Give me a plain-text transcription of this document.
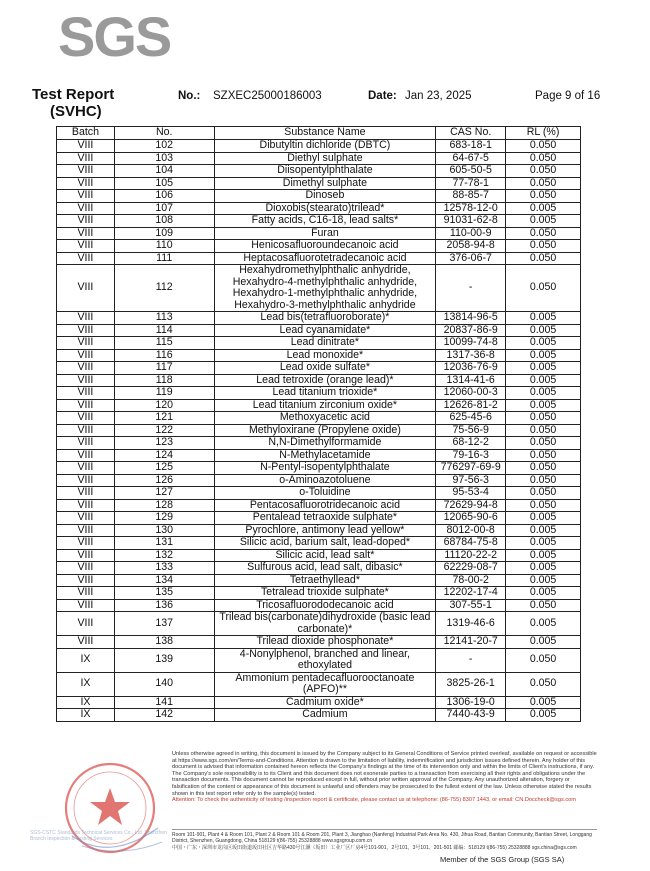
SGS
Test Report
(SVHC)
No.: SZXEC25000186003	Date: Jan 23, 2025	Page 9 of 16
Batch	No.	Substance Name	CAS No.	RL (%)
VIII	102	Dibutyltin dichloride (DBTC)	683-18-1	0.050
VIII	103	Diethyl sulphate	64-67-5	0.050
VIII	104	Diisopentylphthalate	605-50-5	0.050
VIII	105	Dimethyl sulphate	77-78-1	0.050
VIII	106	Dinoseb	88-85-7	0.050
VIII	107	Dioxobis(stearato)trilead*	12578-12-0	0.005
VIII	108	Fatty acids, C16-18, lead salts*	91031-62-8	0.005
VIII	109	Furan	110-00-9	0.050
VIII	110	Henicosafluoroundecanoic acid	2058-94-8	0.050
VIII	111	Heptacosafluorotetradecanoic acid	376-06-7	0.050
VIII	112	Hexahydromethylphthalic anhydride,
Hexahydro-4-methylphthalic anhydride,
Hexahydro-1-methylphthalic anhydride,
Hexahydro-3-methylphthalic anhydride	-	0.050
VIII	113	Lead bis(tetrafluoroborate)*	13814-96-5	0.005
VIII	114	Lead cyanamidate*	20837-86-9	0.005
VIII	115	Lead dinitrate*	10099-74-8	0.005
VIII	116	Lead monoxide*	1317-36-8	0.005
VIII	117	Lead oxide sulfate*	12036-76-9	0.005
VIII	118	Lead tetroxide (orange lead)*	1314-41-6	0.005
VIII	119	Lead titanium trioxide*	12060-00-3	0.005
VIII	120	Lead titanium zirconium oxide*	12626-81-2	0.005
VIII	121	Methoxyacetic acid	625-45-6	0.050
VIII	122	Methyloxirane (Propylene oxide)	75-56-9	0.050
VIII	123	N,N-Dimethylformamide	68-12-2	0.050
VIII	124	N-Methylacetamide	79-16-3	0.050
VIII	125	N-Pentyl-isopentylphthalate	776297-69-9	0.050
VIII	126	o-Aminoazotoluene	97-56-3	0.050
VIII	127	o-Toluidine	95-53-4	0.050
VIII	128	Pentacosafluorotridecanoic acid	72629-94-8	0.050
VIII	129	Pentalead tetraoxide sulphate*	12065-90-6	0.005
VIII	130	Pyrochlore, antimony lead yellow*	8012-00-8	0.005
VIII	131	Silicic acid, barium salt, lead-doped*	68784-75-8	0.005
VIII	132	Silicic acid, lead salt*	11120-22-2	0.005
VIII	133	Sulfurous acid, lead salt, dibasic*	62229-08-7	0.005
VIII	134	Tetraethyllead*	78-00-2	0.005
VIII	135	Tetralead trioxide sulphate*	12202-17-4	0.005
VIII	136	Tricosafluorododecanoic acid	307-55-1	0.050
VIII	137	Trilead bis(carbonate)dihydroxide (basic lead
carbonate)*	1319-46-6	0.005
VIII	138	Trilead dioxide phosphonate*	12141-20-7	0.005
IX	139	4-Nonylphenol, branched and linear,
ethoxylated	-	0.050
IX	140	Ammonium pentadecafluorooctanoate
(APFO)**	3825-26-1	0.050
IX	141	Cadmium oxide*	1306-19-0	0.005
IX	142	Cadmium	7440-43-9	0.005
Unless otherwise agreed in writing, this document is issued by the Company subject to its General Conditions of Service printed overleaf, available on request or accessible at https://www.sgs.com/en/Terms-and-Conditions. Attention is drawn to the limitation of liability, indemnification and jurisdiction issues defined therein. Any holder of this document is advised that information contained hereon reflects the Company's findings at the time of its intervention only and within the limits of Client's instructions, if any. The Company's sole responsibility is to its Client and this document does not exonerate parties to a transaction from exercising all their rights and obligations under the transaction documents. This document cannot be reproduced except in full, without prior written approval of the Company. Any unauthorized alteration, forgery or falsification of the content or appearance of this document is unlawful and offenders may be prosecuted to the fullest extent of the law. Unless otherwise stated the results shown in this test report refer only to the sample(s) tested.
Attention: To check the authenticity of testing /inspection report & certificate, please contact us at telephone: (86-755) 8307 1443, or email: CN.Doccheck@sgs.com
Room 101-901, Plant 4 & Room 101, Plant 2 & Room 101 & Room 201, Plant 3, Jianghao (Nanfeng) Industrial Park Area No. 430, Jihua Road, Bantian Community, Bantian Street, Longgang District, Shenzhen, Guangdong, China 518129 t(86-755) 25328888 www.sgsgroup.com.cn
中国・广东・深圳市龙岗区坂田街道坂田社区吉华路430号江灏（坂田）工业厂区厂房4号101-901，2号101，3号101、201-501 邮编：518129 t(86-755) 25328888 sgs.china@sgs.com
SGS-CSTC Standards Technical Services Co., Ltd. Shenzhen Branch Inspection & Testing Services
Member of the SGS Group (SGS SA)
